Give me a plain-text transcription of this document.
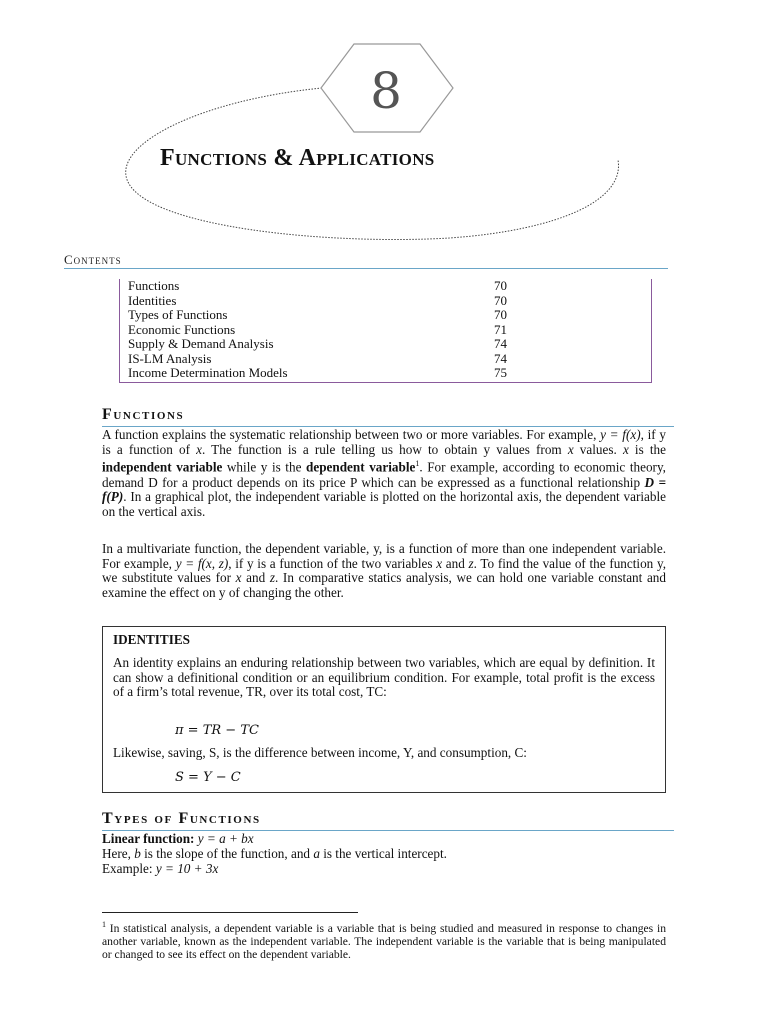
8
Functions & Applications
Contents
Functions	70
Identities	70
Types of Functions	70
Economic Functions	71
Supply & Demand Analysis	74
IS-LM Analysis	74
Income Determination Models	75
Functions
A function explains the systematic relationship between two or more variables. For example, y = f(x), if y is a function of x. The function is a rule telling us how to obtain y values from x values. x is the independent variable while y is the dependent variable$^1$. For example, according to economic theory, demand D for a product depends on its price P which can be expressed as a functional relationship D = f(P). In a graphical plot, the independent variable is plotted on the horizontal axis, the dependent variable on the vertical axis.
In a multivariate function, the dependent variable, y, is a function of more than one independent variable. For example, y = f(x, z), if y is a function of the two variables x and z. To find the value of the function y, we substitute values for x and z. In comparative statics analysis, we can hold one variable constant and examine the effect on y of changing the other.
IDENTITIES
An identity explains an enduring relationship between two variables, which are equal by definition. It can show a definitional condition or an equilibrium condition. For example, total profit is the excess of a firm’s total revenue, TR, over its total cost, TC:
π = TR − TC
Likewise, saving, S, is the difference between income, Y, and consumption, C:
S = Y − C
Types of Functions
Linear function: y = a + bx
Here, b is the slope of the function, and a is the vertical intercept.
Example: y = 10 + 3x
$^1$ In statistical analysis, a dependent variable is a variable that is being studied and measured in response to changes in another variable, known as the independent variable. The independent variable is the variable that is being manipulated or changed to see its effect on the dependent variable.
